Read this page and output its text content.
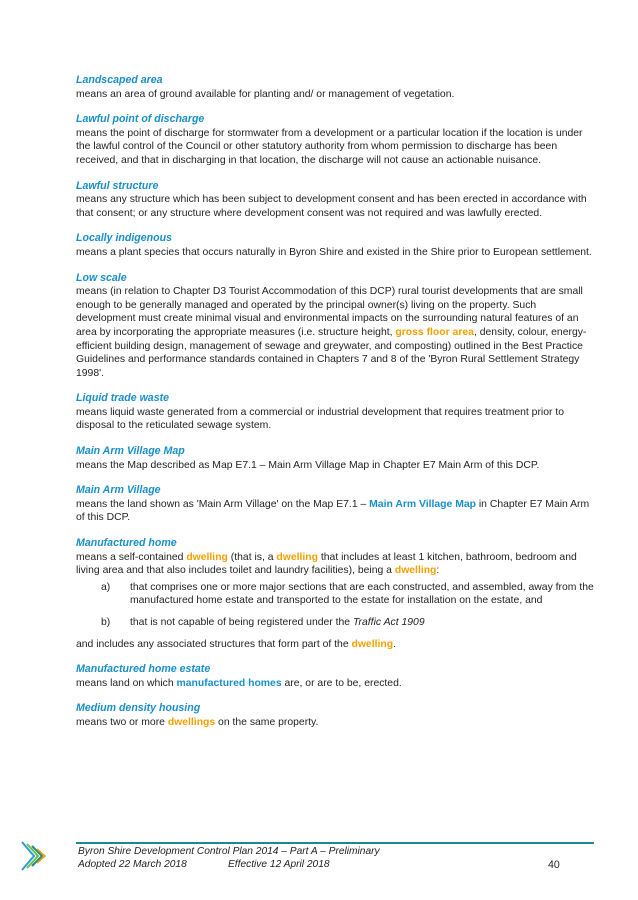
Landscaped area

means an area of ground available for planting and/ or management of vegetation.

Lawful point of discharge

means the point of discharge for stormwater from a development or a particular location if the location is under the lawful control of the Council or other statutory authority from whom permission to discharge has been received, and that in discharging in that location, the discharge will not cause an actionable nuisance.

Lawful structure

means any structure which has been subject to development consent and has been erected in accordance with that consent; or any structure where development consent was not required and was lawfully erected.

Locally indigenous

means a plant species that occurs naturally in Byron Shire and existed in the Shire prior to European settlement.

Low scale

means (in relation to Chapter D3 Tourist Accommodation of this DCP) rural tourist developments that are small enough to be generally managed and operated by the principal owner(s) living on the property. Such development must create minimal visual and environmental impacts on the surrounding natural features of an area by incorporating the appropriate measures (i.e. structure height, gross floor area, density, colour, energy-efficient building design, management of sewage and greywater, and composting) outlined in the Best Practice Guidelines and performance standards contained in Chapters 7 and 8 of the 'Byron Rural Settlement Strategy 1998'.

Liquid trade waste

means liquid waste generated from a commercial or industrial development that requires treatment prior to disposal to the reticulated sewage system.

Main Arm Village Map

means the Map described as Map E7.1 – Main Arm Village Map in Chapter E7 Main Arm of this DCP.

Main Arm Village

means the land shown as 'Main Arm Village' on the Map E7.1 – Main Arm Village Map in Chapter E7 Main Arm of this DCP.

Manufactured home

means a self-contained dwelling (that is, a dwelling that includes at least 1 kitchen, bathroom, bedroom and living area and that also includes toilet and laundry facilities), being a dwelling:

a)	that comprises one or more major sections that are each constructed, and assembled, away from the manufactured home estate and transported to the estate for installation on the estate, and
b)	that is not capable of being registered under the Traffic Act 1909

and includes any associated structures that form part of the dwelling.

Manufactured home estate

means land on which manufactured homes are, or are to be, erected.

Medium density housing

means two or more dwellings on the same property.

Byron Shire Development Control Plan 2014 – Part A – Preliminary
Adopted 22 March 2018	Effective 12 April 2018	40
